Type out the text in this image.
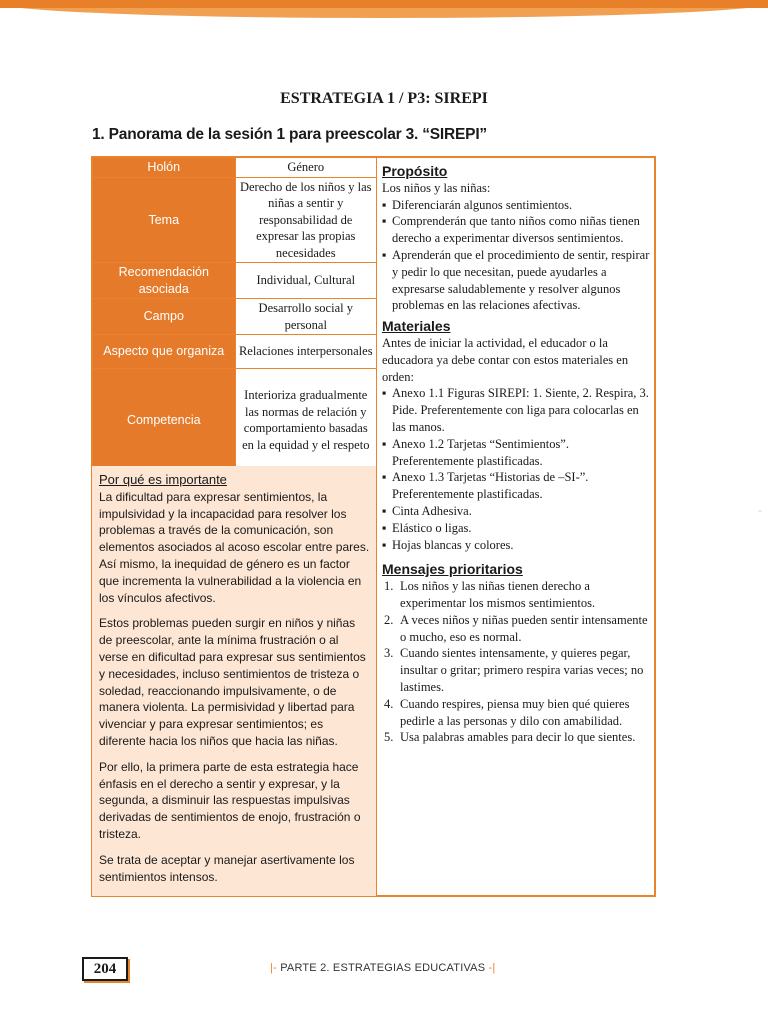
ESTRATEGIA 1 / P3: SIREPI
1. Panorama de la sesión 1 para preescolar 3. “SIREPI”
Holón	Género
Tema	Derecho de los niños y las niñas a sentir y responsabilidad de expresar las propias necesidades
Recomendación asociada	Individual, Cultural
Campo	Desarrollo social y personal
Aspecto que organiza	Relaciones interpersonales
Competencia	Interioriza gradualmente las normas de relación y comportamiento basadas en la equidad y el respeto
Por qué es importante

La dificultad para expresar sentimientos, la impulsividad y la incapacidad para resolver los problemas a través de la comunicación, son elementos asociados al acoso escolar entre pares. Así mismo, la inequidad de género es un factor que incrementa la vulnerabilidad a la violencia en los vínculos afectivos.

Estos problemas pueden surgir en niños y niñas de preescolar, ante la mínima frustración o al verse en dificultad para expresar sus sentimientos y necesidades, incluso sentimientos de tristeza o soledad, reaccionando impulsivamente, o de manera violenta. La permisividad y libertad para vivenciar y para expresar sentimientos; es diferente hacia los niños que hacia las niñas.

Por ello, la primera parte de esta estrategia hace énfasis en el derecho a sentir y expresar, y la segunda, a disminuir las respuestas impulsivas derivadas de sentimientos de enojo, frustración o tristeza.

Se trata de aceptar y manejar asertivamente los sentimientos intensos.

Propósito

Los niños y las niñas:

▪ Diferenciarán algunos sentimientos.
▪ Comprenderán que tanto niños como niñas tienen derecho a experimentar diversos sentimientos.
▪ Aprenderán que el procedimiento de sentir, respirar y pedir lo que necesitan, puede ayudarles a expresarse saludablemente y resolver algunos problemas en las relaciones afectivas.
Materiales

Antes de iniciar la actividad, el educador o la educadora ya debe contar con estos materiales en orden:

▪ Anexo 1.1 Figuras SIREPI: 1. Siente, 2. Respira, 3. Pide. Preferentemente con liga para colocarlas en las manos.
▪ Anexo 1.2 Tarjetas “Sentimientos”. Preferentemente plastificadas.
▪ Anexo 1.3 Tarjetas “Historias de –SI-”. Preferentemente plastificadas.
▪ Cinta Adhesiva.
▪ Elástico o ligas.
▪ Hojas blancas y colores.
Mensajes prioritarios
1. Los niños y las niñas tienen derecho a experimentar los mismos sentimientos.
2. A veces niños y niñas pueden sentir intensamente o mucho, eso es normal.
3. Cuando sientes intensamente, y quieres pegar, insultar o gritar; primero respira varias veces; no lastimes.
4. Cuando respires, piensa muy bien qué quieres pedirle a las personas y dilo con amabilidad.
5. Usa palabras amables para decir lo que sientes.
204	|- PARTE 2. ESTRATEGIAS EDUCATIVAS -|
